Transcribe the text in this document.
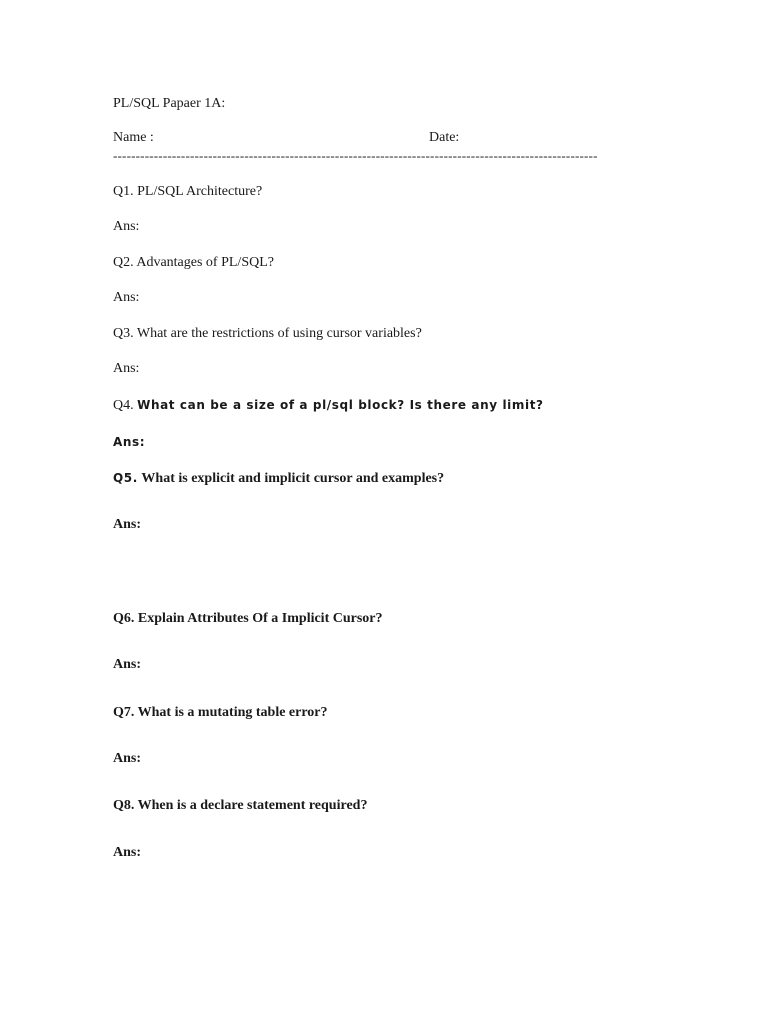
PL/SQL Papaer 1A:
Name :	Date:
-----------------------------------------------------------------------------------------------------------
Q1. PL/SQL Architecture?
Ans:
Q2. Advantages of PL/SQL?
Ans:
Q3. What are the restrictions of using cursor variables?
Ans:
Q4. What can be a size of a pl/sql block? Is there any limit?
Ans:
Q5. What is explicit and implicit cursor and examples?
Ans:
Q6. Explain Attributes Of a Implicit Cursor?
Ans:
Q7. What is a mutating table error?
Ans:
Q8. When is a declare statement required?
Ans:
